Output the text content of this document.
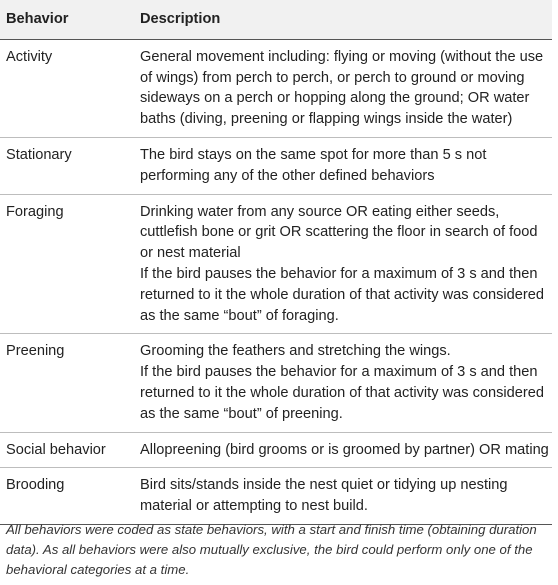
Behavior	Description
Activity	General movement including: flying or moving (without the use of wings) from perch to perch, or perch to ground or moving sideways on a perch or hopping along the ground; OR water baths (diving, preening or flapping wings inside the water)

Stationary	The bird stays on the same spot for more than 5 s not performing any of the other defined behaviors

Foraging	Drinking water from any source OR eating either seeds, cuttlefish bone or grit OR scattering the floor in search of food or nest material
If the bird pauses the behavior for a maximum of 3 s and then returned to it the whole duration of that activity was considered as the same “bout” of foraging.

Preening	Grooming the feathers and stretching the wings.
If the bird pauses the behavior for a maximum of 3 s and then returned to it the whole duration of that activity was considered as the same “bout” of preening.

Social behavior	Allopreening (bird grooms or is groomed by partner) OR mating

Brooding	Bird sits/stands inside the nest quiet or tidying up nesting material or attempting to nest build.
All behaviors were coded as state behaviors, with a start and finish time (obtaining duration data). As all behaviors were also mutually exclusive, the bird could perform only one of the behavioral categories at a time.
